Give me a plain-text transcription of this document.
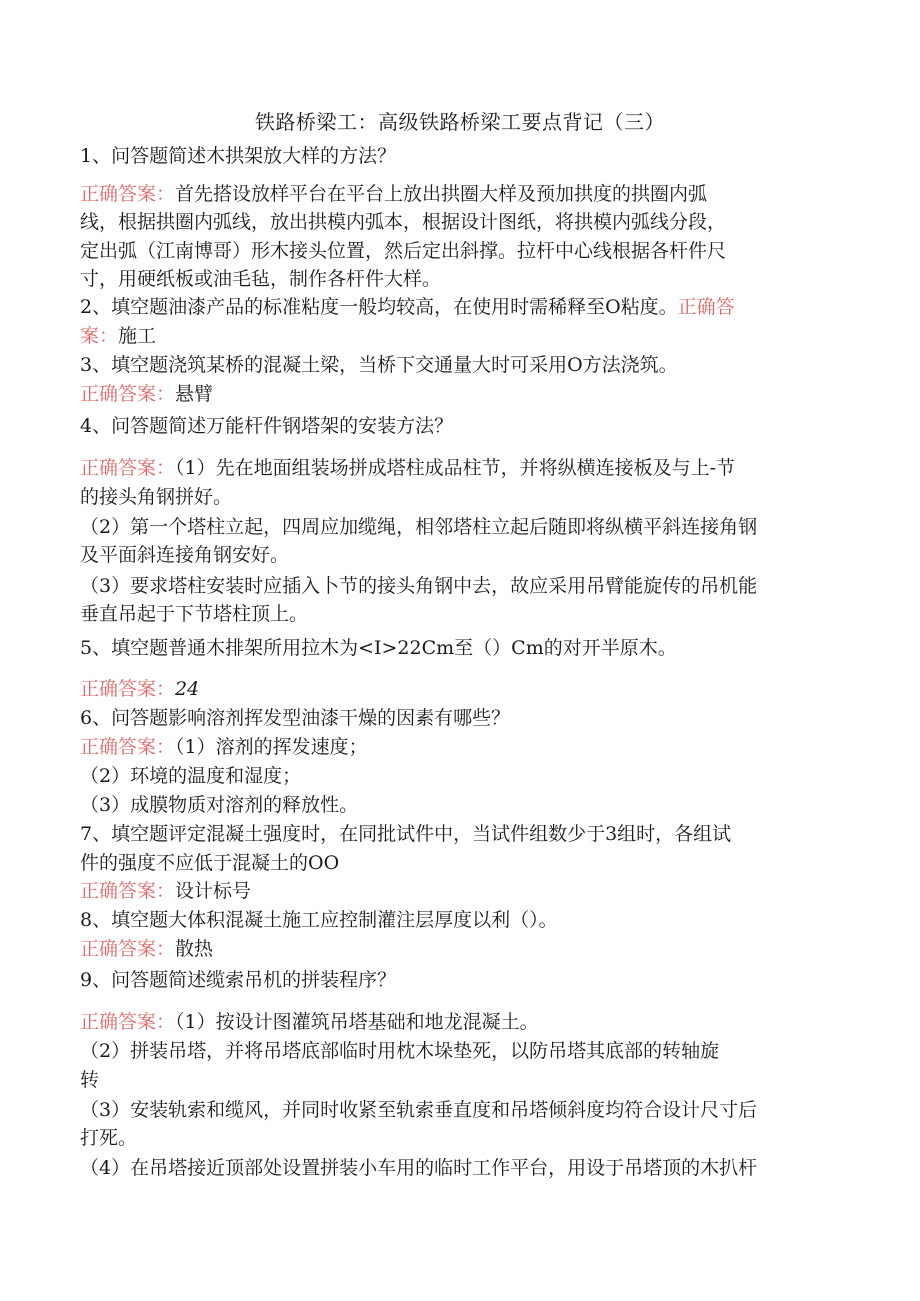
铁路桥梁工：高级铁路桥梁工要点背记（三）
1、问答题简述木拱架放大样的方法？
正确答案：首先搭设放样平台在平台上放出拱圈大样及预加拱度的拱圈内弧
线，根据拱圈内弧线，放出拱模内弧本，根据设计图纸，将拱模内弧线分段，
定出弧（江南博哥）形木接头位置，然后定出斜撑。拉杆中心线根据各杆件尺
寸，用硬纸板或油毛毡，制作各杆件大样。
2、填空题油漆产品的标准粘度一般均较高，在使用时需稀释至O粘度。正确答
案：施工
3、填空题浇筑某桥的混凝土梁，当桥下交通量大时可采用O方法浇筑。
正确答案：悬臂
4、问答题简述万能杆件钢塔架的安装方法？
正确答案：（1）先在地面组装场拼成塔柱成品柱节，并将纵横连接板及与上-节
的接头角钢拼好。
（2）第一个塔柱立起，四周应加缆绳，相邻塔柱立起后随即将纵横平斜连接角钢
及平面斜连接角钢安好。
（3）要求塔柱安装时应插入卜节的接头角钢中去，故应采用吊臂能旋传的吊机能
垂直吊起于下节塔柱顶上。
5、填空题普通木排架所用拉木为<I>22Cm至（）Cm的对开半原木。
正确答案：24
6、问答题影响溶剂挥发型油漆干燥的因素有哪些？
正确答案：（1）溶剂的挥发速度；
（2）环境的温度和湿度；
（3）成膜物质对溶剂的释放性。
7、填空题评定混凝土强度时，在同批试件中，当试件组数少于3组时，各组试
件的强度不应低于混凝土的OO
正确答案：设计标号
8、填空题大体积混凝土施工应控制灌注层厚度以利（）。
正确答案：散热
9、问答题简述缆索吊机的拼装程序？
正确答案：（1）按设计图灌筑吊塔基础和地龙混凝土。
（2）拼装吊塔，并将吊塔底部临时用枕木垛垫死，以防吊塔其底部的转轴旋
转
（3）安装轨索和缆风，并同时收紧至轨索垂直度和吊塔倾斜度均符合设计尺寸后
打死。
（4）在吊塔接近顶部处设置拼装小车用的临时工作平台，用设于吊塔顶的木扒杆
